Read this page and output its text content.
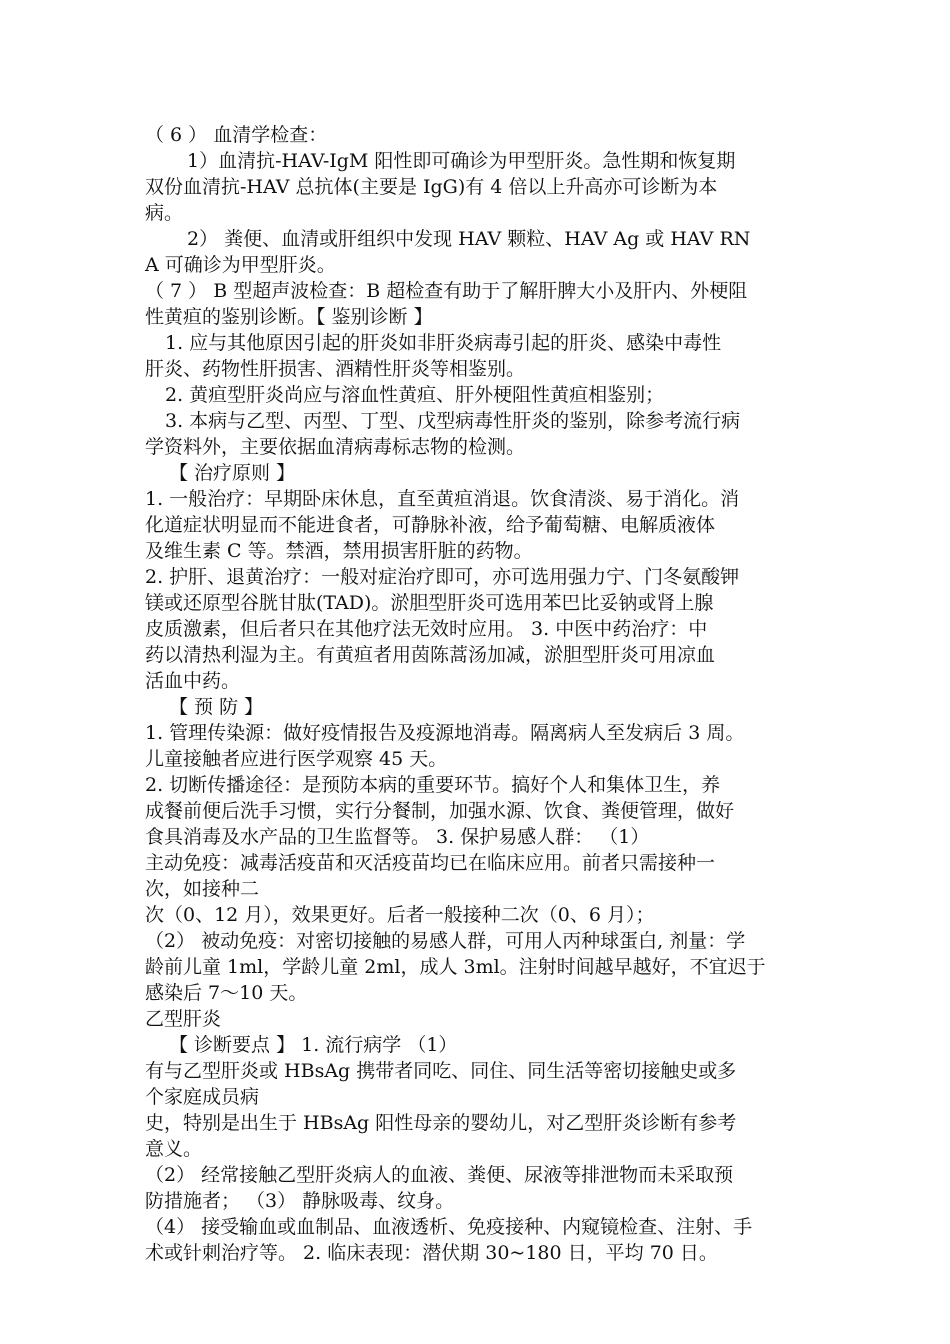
（ 6 ） 血清学检查：
1）血清抗-HAV-IgM 阳性即可确诊为甲型肝炎。急性期和恢复期
双份血清抗-HAV 总抗体(主要是 IgG)有 4 倍以上升高亦可诊断为本
病。
2） 粪便、血清或肝组织中发现 HAV 颗粒、HAV Ag 或 HAV RN
A 可确诊为甲型肝炎。
（ 7 ） B 型超声波检查：B 超检查有助于了解肝脾大小及肝内、外梗阻
性黄疸的鉴别诊断。【 鉴别诊断 】
1. 应与其他原因引起的肝炎如非肝炎病毒引起的肝炎、感染中毒性
肝炎、药物性肝损害、酒精性肝炎等相鉴别。
2. 黄疸型肝炎尚应与溶血性黄疸、肝外梗阻性黄疸相鉴别；
3. 本病与乙型、丙型、丁型、戊型病毒性肝炎的鉴别，除参考流行病
学资料外，主要依据血清病毒标志物的检测。
【 治疗原则 】
1. 一般治疗：早期卧床休息，直至黄疸消退。饮食清淡、易于消化。消
化道症状明显而不能进食者，可静脉补液，给予葡萄糖、电解质液体
及维生素 C 等。禁酒，禁用损害肝脏的药物。
2. 护肝、退黄治疗：一般对症治疗即可，亦可选用强力宁、门冬氨酸钾
镁或还原型谷胱甘肽(TAD)。淤胆型肝炎可选用苯巴比妥钠或肾上腺
皮质激素，但后者只在其他疗法无效时应用。 3. 中医中药治疗：中
药以清热利湿为主。有黄疸者用茵陈蒿汤加减，淤胆型肝炎可用凉血
活血中药。
【 预 防 】
1. 管理传染源：做好疫情报告及疫源地消毒。隔离病人至发病后 3 周。
儿童接触者应进行医学观察 45 天。
2. 切断传播途径：是预防本病的重要环节。搞好个人和集体卫生，养
成餐前便后洗手习惯，实行分餐制，加强水源、饮食、粪便管理，做好
食具消毒及水产品的卫生监督等。 3. 保护易感人群： （1）
主动免疫：减毒活疫苗和灭活疫苗均已在临床应用。前者只需接种一
次，如接种二
次（0、12 月），效果更好。后者一般接种二次（0、6 月）；
（2） 被动免疫：对密切接触的易感人群，可用人丙种球蛋白, 剂量：学
龄前儿童 1ml，学龄儿童 2ml，成人 3ml。注射时间越早越好，不宜迟于
感染后 7～10 天。
乙型肝炎
【 诊断要点 】 1. 流行病学 （1）
有与乙型肝炎或 HBsAg 携带者同吃、同住、同生活等密切接触史或多
个家庭成员病
史，特别是出生于 HBsAg 阳性母亲的婴幼儿，对乙型肝炎诊断有参考
意义。
（2） 经常接触乙型肝炎病人的血液、粪便、尿液等排泄物而未采取预
防措施者； （3） 静脉吸毒、纹身。
（4） 接受输血或血制品、血液透析、免疫接种、内窥镜检查、注射、手
术或针刺治疗等。 2. 临床表现：潜伏期 30~180 日，平均 70 日。
